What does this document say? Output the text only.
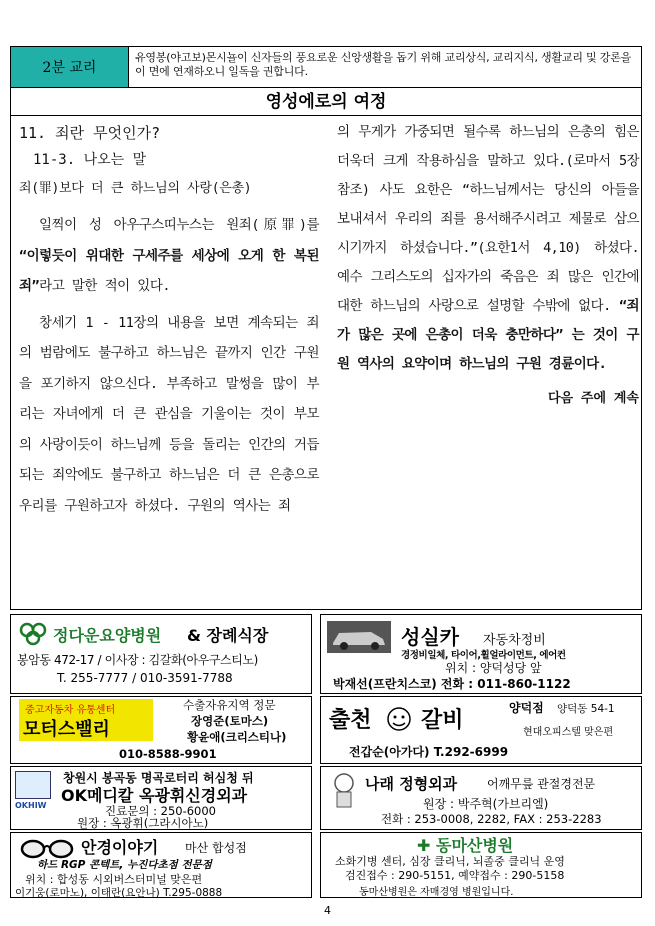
2분 교리
유영봉(야고보)몬시뇰이 신자들의 풍요로운 신앙생활을 돕기 위해 교리상식, 교리지식, 생활교리 및 강론을 이 면에 연재하오니 일독을 권합니다.
영성에로의 여정
11. 죄란 무엇인가?
11-3. 나오는 말
죄(罪)보다 더 큰 하느님의 사랑(은총)
일찍이 성 아우구스띠누스는 원죄(原罪)를 “이렇듯이 위대한 구세주를 세상에 오게 한 복된 죄”라고 말한 적이 있다.
창세기 1 - 11장의 내용을 보면 계속되는 죄의 범람에도 불구하고 하느님은 끝까지 인간 구원을 포기하지 않으신다. 부족하고 말썽을 많이 부리는 자녀에게 더 큰 관심을 기울이는 것이 부모의 사랑이듯이 하느님께 등을 돌리는 인간의 거듭되는 죄악에도 불구하고 하느님은 더 큰 은총으로 우리를 구원하고자 하셨다. 구원의 역사는 죄
의 무게가 가중되면 될수록 하느님의 은총의 힘은 더욱더 크게 작용하심을 말하고 있다.(로마서 5장 참조) 사도 요한은 “하느님께서는 당신의 아들을 보내셔서 우리의 죄를 용서해주시려고 제물로 삼으시기까지 하셨습니다.”(요한1서 4,10) 하셨다. 예수 그리스도의 십자가의 죽음은 죄 많은 인간에 대한 하느님의 사랑으로 설명할 수밖에 없다. “죄가 많은 곳에 은총이 더욱 충만하다” 는 것이 구원 역사의 요약이며 하느님의 구원 경륜이다.
다음 주에 계속
정다운요양병원 & 장례식장
봉암동 472-17 / 이사장 : 김갈화(아우구스티노)
T. 255-7777 / 010-3591-7788
성실카 자동차정비
경정비일체, 타이어,휠얼라이먼트, 에어컨
위치 : 양덕성당 앞
박재선(프란치스코) 전화 : 011-860-1122
중고자동차 유통센터
모터스밸리
수출자유지역 정문
장영준(토마스)
황윤애(크리스티나)
010-8588-9901
출천 갈비	양덕점 양덕동 54-1
현대오피스텔 맞은편
전갑순(아가다) T.292-6999
OKHIW
창원시 봉곡동 명곡로터리 허심청 뒤
OK메디칼 옥광휘신경외과
진료문의 : 250-6000
원장 : 옥광휘(그라시아노)
나래 정형외과 어깨무릎 관절경전문
원장 : 박주혁(가브리엘)
전화 : 253-0008, 2282, FAX : 253-2283
안경이야기 마산 합성점
하드 RGP 콘텍트, 누진다초점 전문점
위치 : 합성동 시외버스터미널 맞은편
이기웅(로마노), 이태란(요안나) T.295-0888
✚ 동마산병원
소화기병 센터, 심장 클리닉, 뇌졸중 클리닉 운영
검진접수 : 290-5151, 예약접수 : 290-5158
동마산병원은 자매경영 병원입니다.
4
